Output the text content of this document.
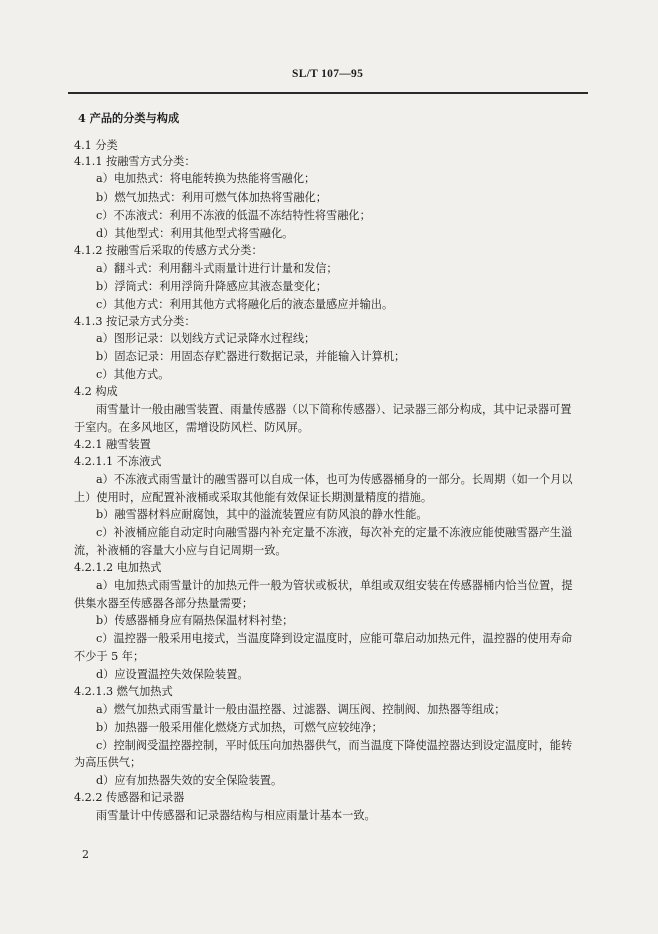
SL/T 107—95
4 产品的分类与构成
4.1 分类
4.1.1 按融雪方式分类：
a）电加热式：将电能转换为热能将雪融化；
b）燃气加热式：利用可燃气体加热将雪融化；
c）不冻液式：利用不冻液的低温不冻结特性将雪融化；
d）其他型式：利用其他型式将雪融化。
4.1.2 按融雪后采取的传感方式分类：
a）翻斗式：利用翻斗式雨量计进行计量和发信；
b）浮筒式：利用浮筒升降感应其液态量变化；
c）其他方式：利用其他方式将融化后的液态量感应并输出。
4.1.3 按记录方式分类：
a）图形记录：以划线方式记录降水过程线；
b）固态记录：用固态存贮器进行数据记录，并能输入计算机；
c）其他方式。
4.2 构成
雨雪量计一般由融雪装置、雨量传感器（以下简称传感器）、记录器三部分构成，其中记录器可置
于室内。在多风地区，需增设防风栏、防风屏。
4.2.1 融雪装置
4.2.1.1 不冻液式
a）不冻液式雨雪量计的融雪器可以自成一体，也可为传感器桶身的一部分。长周期（如一个月以
上）使用时，应配置补液桶或采取其他能有效保证长期测量精度的措施。
b）融雪器材料应耐腐蚀，其中的溢流装置应有防风浪的静水性能。
c）补液桶应能自动定时向融雪器内补充定量不冻液，每次补充的定量不冻液应能使融雪器产生溢
流，补液桶的容量大小应与自记周期一致。
4.2.1.2 电加热式
a）电加热式雨雪量计的加热元件一般为管状或板状，单组或双组安装在传感器桶内恰当位置，提
供集水器至传感器各部分热量需要；
b）传感器桶身应有隔热保温材料衬垫；
c）温控器一般采用电接式，当温度降到设定温度时，应能可靠启动加热元件，温控器的使用寿命
不少于 5 年；
d）应设置温控失效保险装置。
4.2.1.3 燃气加热式
a）燃气加热式雨雪量计一般由温控器、过滤器、调压阀、控制阀、加热器等组成；
b）加热器一般采用催化燃烧方式加热，可燃气应较纯净；
c）控制阀受温控器控制，平时低压向加热器供气，而当温度下降使温控器达到设定温度时，能转
为高压供气；
d）应有加热器失效的安全保险装置。
4.2.2 传感器和记录器
雨雪量计中传感器和记录器结构与相应雨量计基本一致。
2
